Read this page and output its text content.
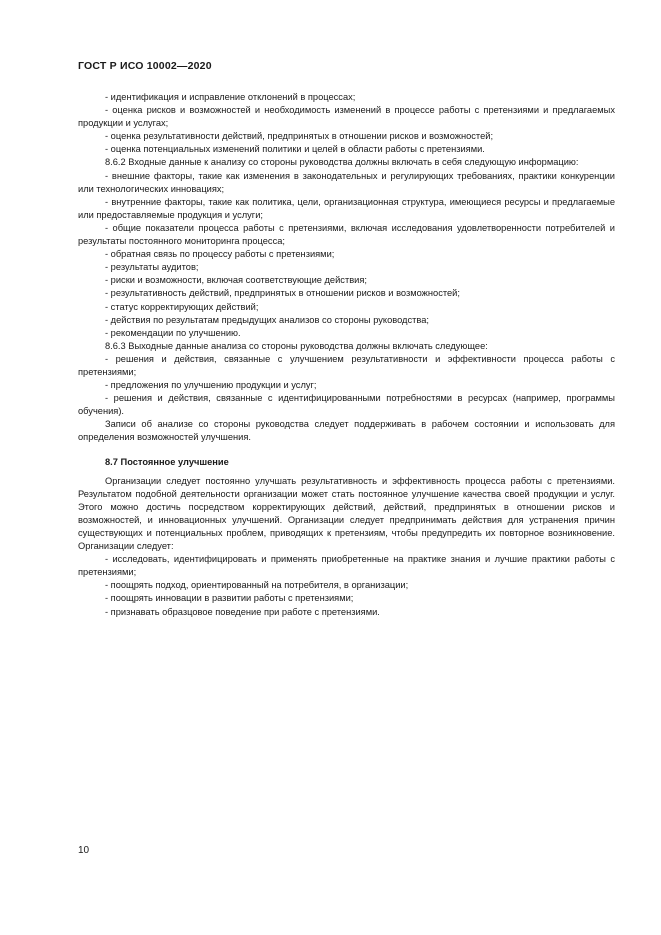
ГОСТ Р ИСО 10002—2020

- идентификация и исправление отклонений в процессах;

- оценка рисков и возможностей и необходимость изменений в процессе работы с претензиями и предлагаемых продукции и услугах;

- оценка результативности действий, предпринятых в отношении рисков и возможностей;

- оценка потенциальных изменений политики и целей в области работы с претензиями.

8.6.2 Входные данные к анализу со стороны руководства должны включать в себя следующую информацию:

- внешние факторы, такие как изменения в законодательных и регулирующих требованиях, практики конкуренции или технологических инновациях;

- внутренние факторы, такие как политика, цели, организационная структура, имеющиеся ресурсы и предлагаемые или предоставляемые продукция и услуги;

- общие показатели процесса работы с претензиями, включая исследования удовлетворенности потребителей и результаты постоянного мониторинга процесса;

- обратная связь по процессу работы с претензиями;

- результаты аудитов;

- риски и возможности, включая соответствующие действия;

- результативность действий, предпринятых в отношении рисков и возможностей;

- статус корректирующих действий;

- действия по результатам предыдущих анализов со стороны руководства;

- рекомендации по улучшению.

8.6.3 Выходные данные анализа со стороны руководства должны включать следующее:

- решения и действия, связанные с улучшением результативности и эффективности процесса работы с претензиями;

- предложения по улучшению продукции и услуг;

- решения и действия, связанные с идентифицированными потребностями в ресурсах (например, программы обучения).

Записи об анализе со стороны руководства следует поддерживать в рабочем состоянии и использовать для определения возможностей улучшения.

8.7 Постоянное улучшение

Организации следует постоянно улучшать результативность и эффективность процесса работы с претензиями. Результатом подобной деятельности организации может стать постоянное улучшение качества своей продукции и услуг. Этого можно достичь посредством корректирующих действий, действий, предпринятых в отношении рисков и возможностей, и инновационных улучшений. Организации следует предпринимать действия для устранения причин существующих и потенциальных проблем, приводящих к претензиям, чтобы предупредить их повторное возникновение. Организации следует:

- исследовать, идентифицировать и применять приобретенные на практике знания и лучшие практики работы с претензиями;

- поощрять подход, ориентированный на потребителя, в организации;

- поощрять инновации в развитии работы с претензиями;

- признавать образцовое поведение при работе с претензиями.

10
